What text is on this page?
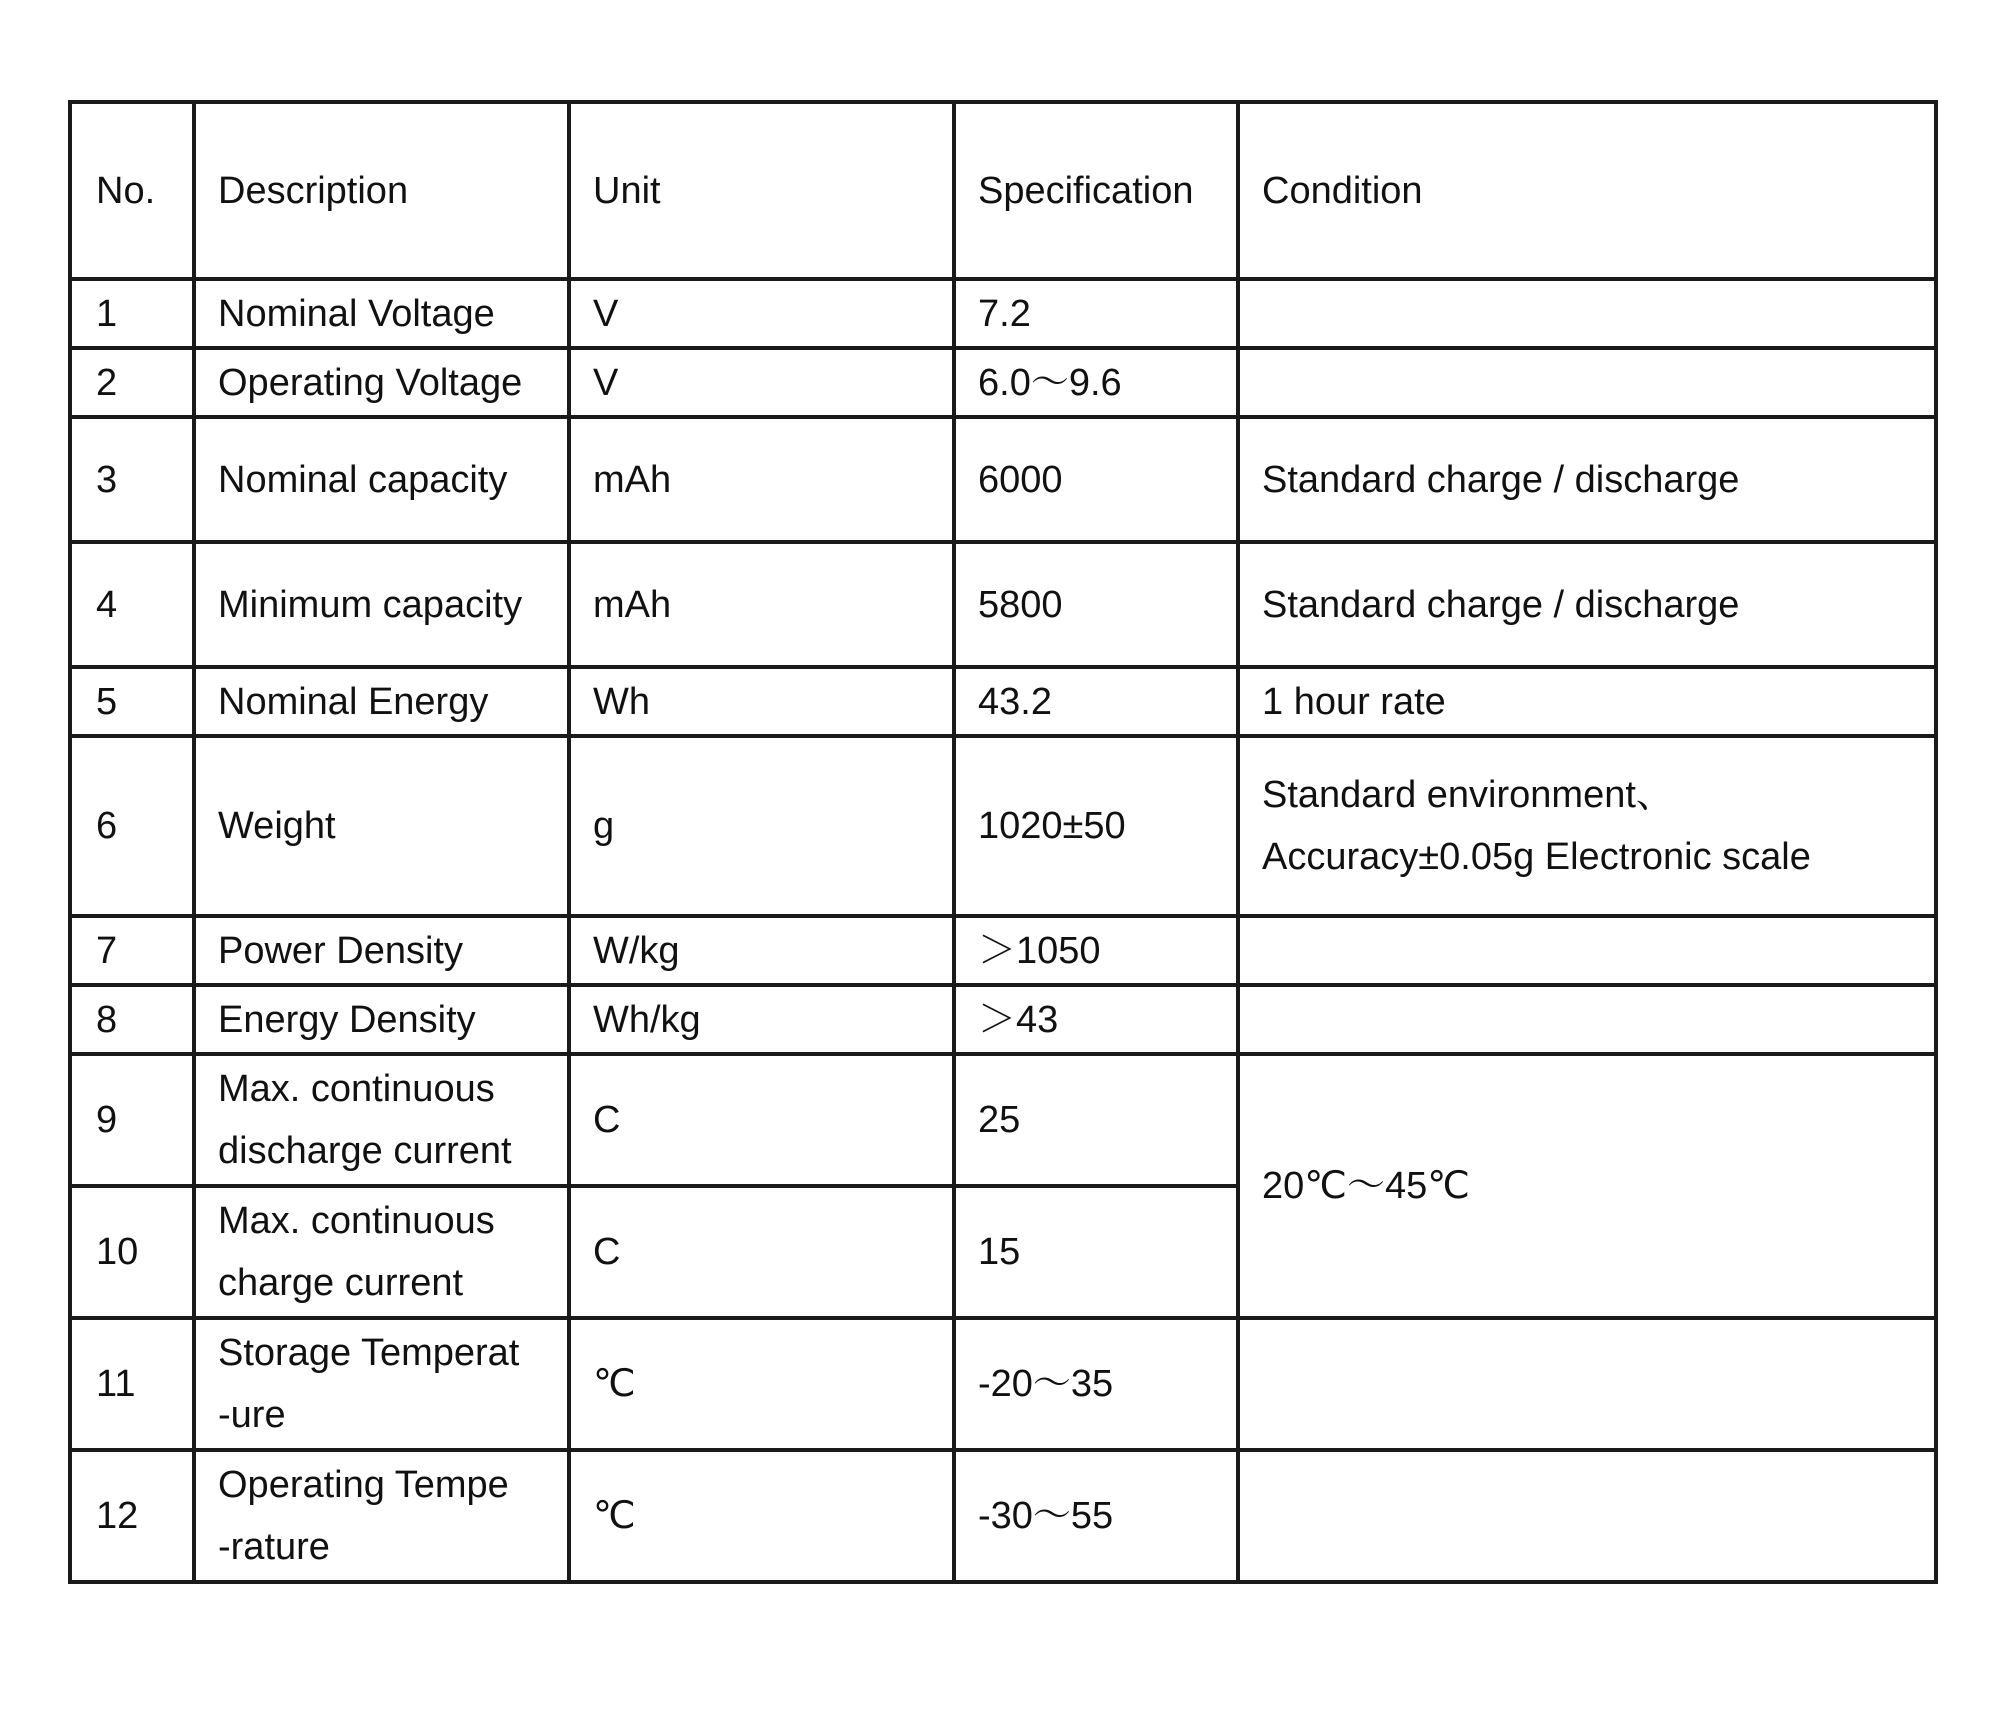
No.	Description	Unit	Specification	Condition
1	Nominal Voltage	V	7.2	
2	Operating Voltage	V	6.0～9.6	
3	Nominal capacity	mAh	6000	Standard charge / discharge

4	Minimum capacity	mAh	5800	Standard charge / discharge

5	Nominal Energy	Wh	43.2	1 hour rate

6	Weight	g	1020±50	Standard environment、
Accuracy±0.05g Electronic scale

7	Power Density	W/kg	＞1050	
8	Energy Density	Wh/kg	＞43	
9	Max. continuous
discharge current	C	25	20℃～45℃

10	Max. continuous
charge current	C	15	
11	Storage Temperat
-ure	℃	-20～35	
12	Operating Tempe
-rature	℃	-30～55	
